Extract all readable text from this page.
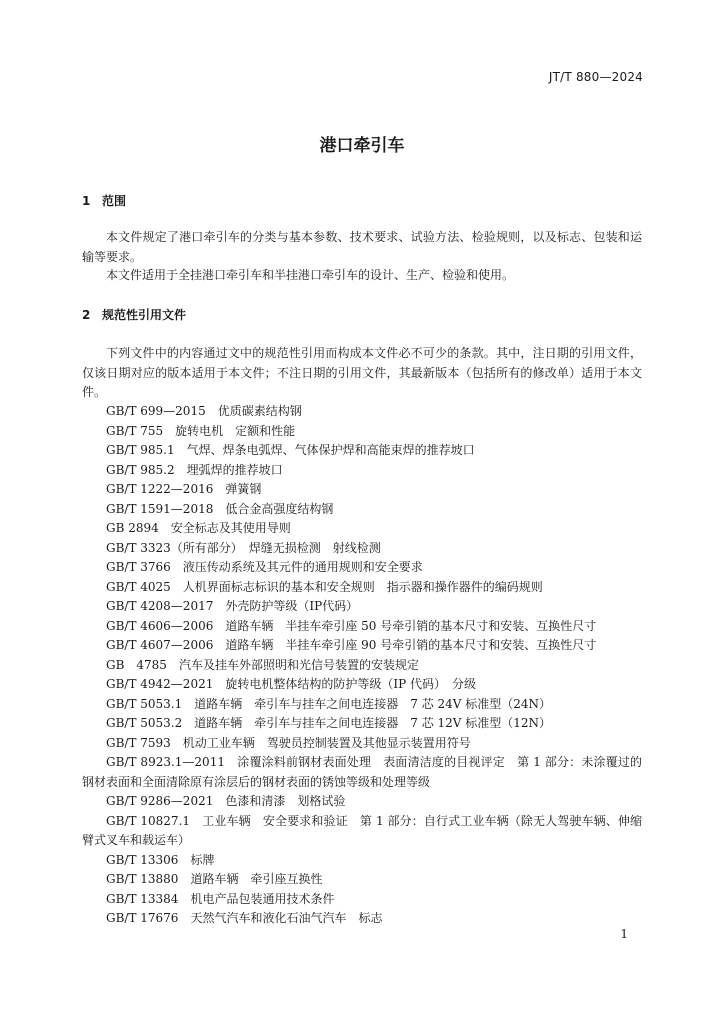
JT/T 880—2024
港口牵引车
1 范围

本文件规定了港口牵引车的分类与基本参数、技术要求、试验方法、检验规则，以及标志、包装和运输等要求。

本文件适用于全挂港口牵引车和半挂港口牵引车的设计、生产、检验和使用。

2 规范性引用文件

下列文件中的内容通过文中的规范性引用而构成本文件必不可少的条款。其中，注日期的引用文件，仅该日期对应的版本适用于本文件；不注日期的引用文件，其最新版本（包括所有的修改单）适用于本文件。

GB/T 699—2015　优质碳素结构钢
GB/T 755　旋转电机　定额和性能
GB/T 985.1　气焊、焊条电弧焊、气体保护焊和高能束焊的推荐坡口
GB/T 985.2　埋弧焊的推荐坡口
GB/T 1222—2016　弹簧钢
GB/T 1591—2018　低合金高强度结构钢
GB 2894　安全标志及其使用导则
GB/T 3323（所有部分）　焊缝无损检测　射线检测
GB/T 3766　液压传动系统及其元件的通用规则和安全要求
GB/T 4025　人机界面标志标识的基本和安全规则　指示器和操作器件的编码规则
GB/T 4208—2017　外壳防护等级（IP代码）
GB/T 4606—2006　道路车辆　半挂车牵引座 50 号牵引销的基本尺寸和安装、互换性尺寸
GB/T 4607—2006　道路车辆　半挂车牵引座 90 号牵引销的基本尺寸和安装、互换性尺寸
GB　4785　汽车及挂车外部照明和光信号装置的安装规定
GB/T 4942—2021　旋转电机整体结构的防护等级（IP 代码）　分级
GB/T 5053.1　道路车辆　牵引车与挂车之间电连接器　7 芯 24V 标准型（24N）
GB/T 5053.2　道路车辆　牵引车与挂车之间电连接器　7 芯 12V 标准型（12N）
GB/T 7593　机动工业车辆　驾驶员控制装置及其他显示装置用符号
GB/T 8923.1—2011　涂覆涂料前钢材表面处理　表面清洁度的目视评定　第 1 部分：未涂覆过的钢材表面和全面清除原有涂层后的钢材表面的锈蚀等级和处理等级
GB/T 9286—2021　色漆和清漆　划格试验
GB/T 10827.1　工业车辆　安全要求和验证　第 1 部分：自行式工业车辆（除无人驾驶车辆、伸缩臂式叉车和载运车）
GB/T 13306　标牌
GB/T 13880　道路车辆　牵引座互换性
GB/T 13384　机电产品包装通用技术条件
GB/T 17676　天然气汽车和液化石油气汽车　标志
1
